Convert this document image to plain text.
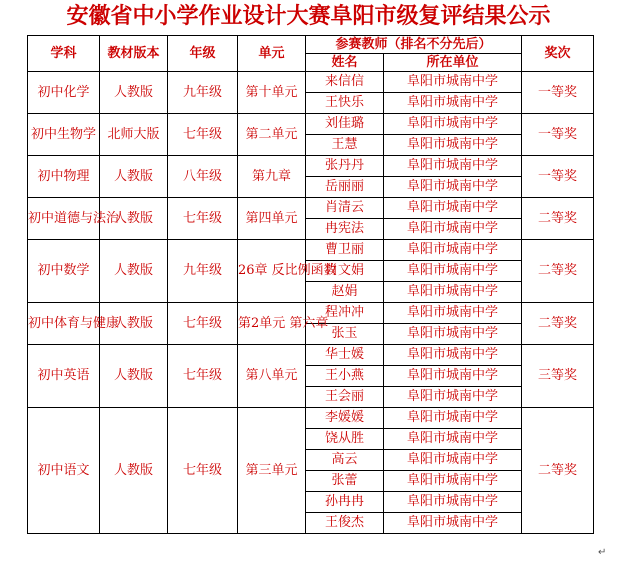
安徽省中小学作业设计大赛阜阳市级复评结果公示
学科	教材版本	年级	单元	参赛教师（排名不分先后）		奖次
				姓名	所在单位	
初中化学	人教版	九年级	第十单元	来信信	阜阳市城南中学	一等奖
				王快乐	阜阳市城南中学	
初中生物学	北师大版	七年级	第二单元	刘佳璐	阜阳市城南中学	一等奖
				王慧	阜阳市城南中学	
初中物理	人教版	八年级	第九章	张丹丹	阜阳市城南中学	一等奖
				岳丽丽	阜阳市城南中学	
初中道德与法治	人教版	七年级	第四单元	肖清云	阜阳市城南中学	二等奖
				冉宪法	阜阳市城南中学	
初中数学	人教版	九年级	26章 反比例函数	曹卫丽	阜阳市城南中学	二等奖
				肖文娟	阜阳市城南中学	
				赵娟	阜阳市城南中学	
初中体育与健康	人教版	七年级	第2单元 第六章	程冲冲	阜阳市城南中学	二等奖
				张玉	阜阳市城南中学	
初中英语	人教版	七年级	第八单元	华士媛	阜阳市城南中学	三等奖
				王小燕	阜阳市城南中学	
				王会丽	阜阳市城南中学	
初中语文	人教版	七年级	第三单元	李媛媛	阜阳市城南中学	二等奖
				饶从胜	阜阳市城南中学	
				高云	阜阳市城南中学	
				张蕾	阜阳市城南中学	
				孙冉冉	阜阳市城南中学	
				王俊杰	阜阳市城南中学	
↵
